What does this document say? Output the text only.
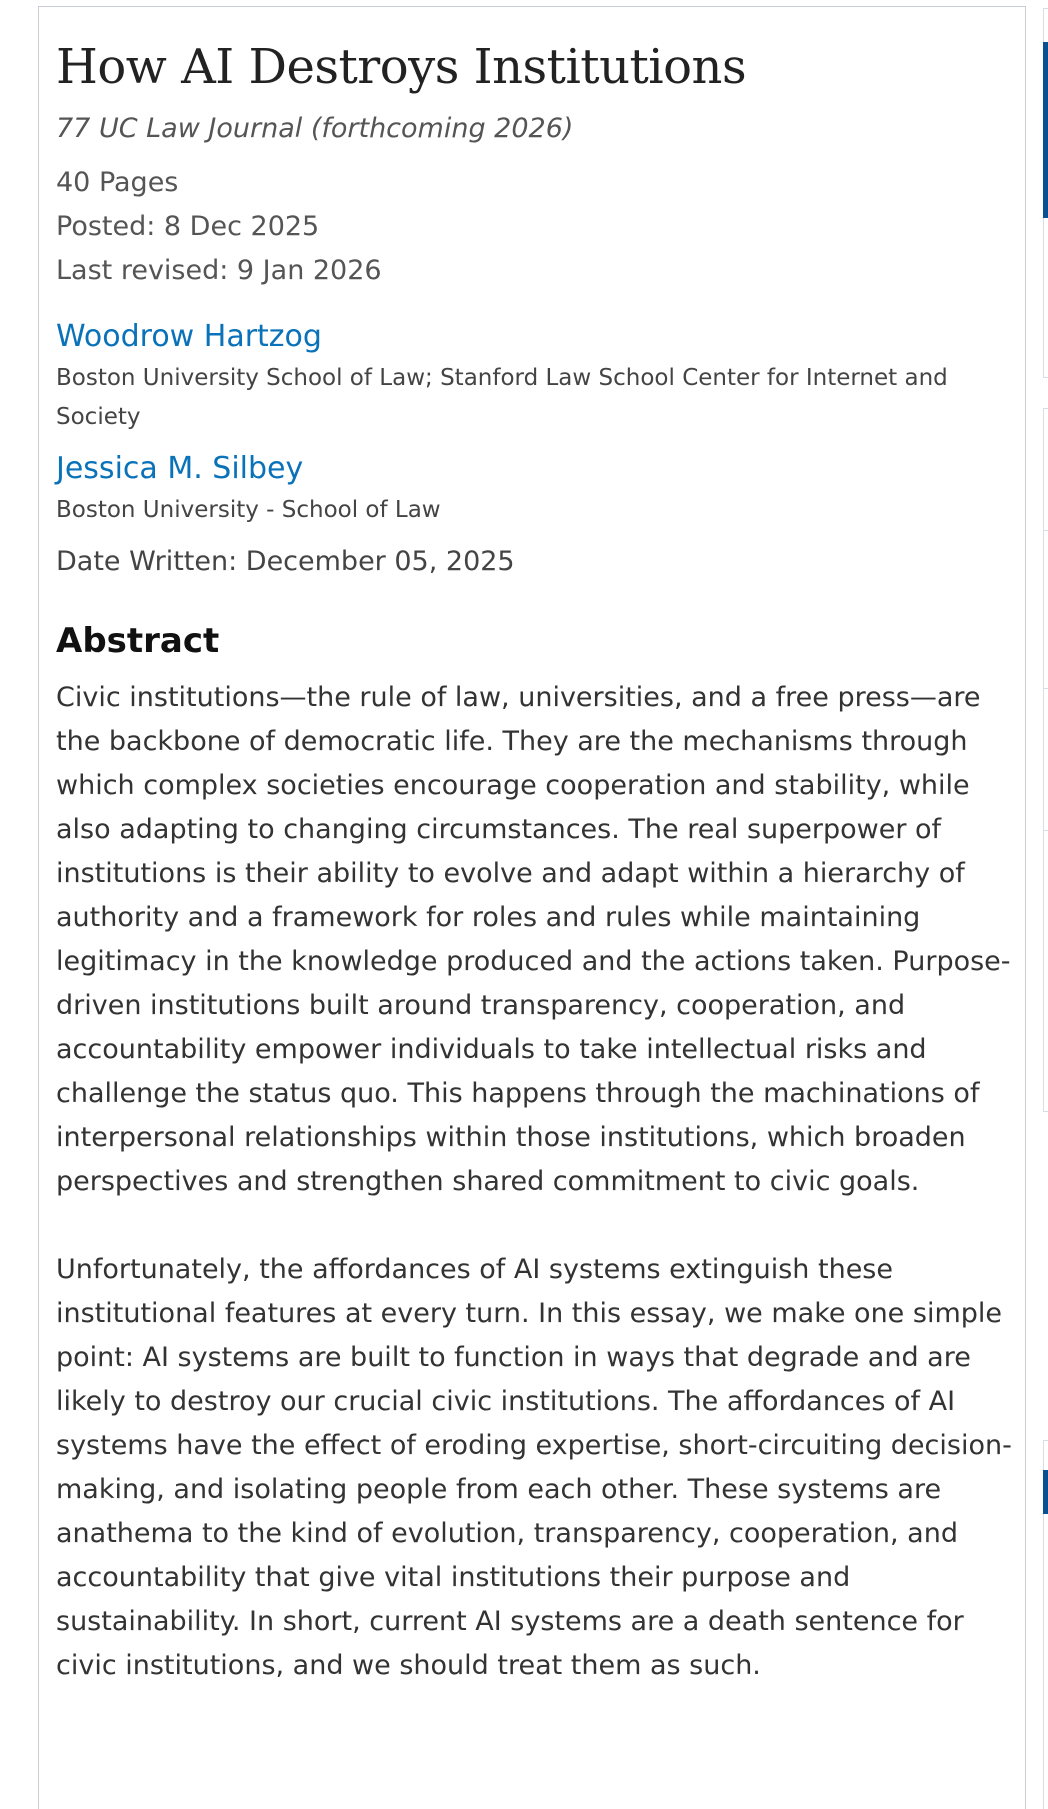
How AI Destroys Institutions
77 UC Law Journal (forthcoming 2026)
40 Pages
Posted: 8 Dec 2025
Last revised: 9 Jan 2026
Woodrow Hartzog
Boston University School of Law; Stanford Law School Center for Internet and Society
Jessica M. Silbey
Boston University - School of Law
Date Written: December 05, 2025
Abstract

Civic institutions—the rule of law, universities, and a free press—are the backbone of democratic life. They are the mechanisms through which complex societies encourage cooperation and stability, while also adapting to changing circumstances. The real superpower of institutions is their ability to evolve and adapt within a hierarchy of authority and a framework for roles and rules while maintaining legitimacy in the knowledge produced and the actions taken. Purpose-driven institutions built around transparency, cooperation, and accountability empower individuals to take intellectual risks and challenge the status quo. This happens through the machinations of interpersonal relationships within those institutions, which broaden perspectives and strengthen shared commitment to civic goals.

Unfortunately, the affordances of AI systems extinguish these institutional features at every turn. In this essay, we make one simple point: AI systems are built to function in ways that degrade and are likely to destroy our crucial civic institutions. The affordances of AI systems have the effect of eroding expertise, short-circuiting decision-making, and isolating people from each other. These systems are anathema to the kind of evolution, transparency, cooperation, and accountability that give vital institutions their purpose and sustainability. In short, current AI systems are a death sentence for civic institutions, and we should treat them as such.
